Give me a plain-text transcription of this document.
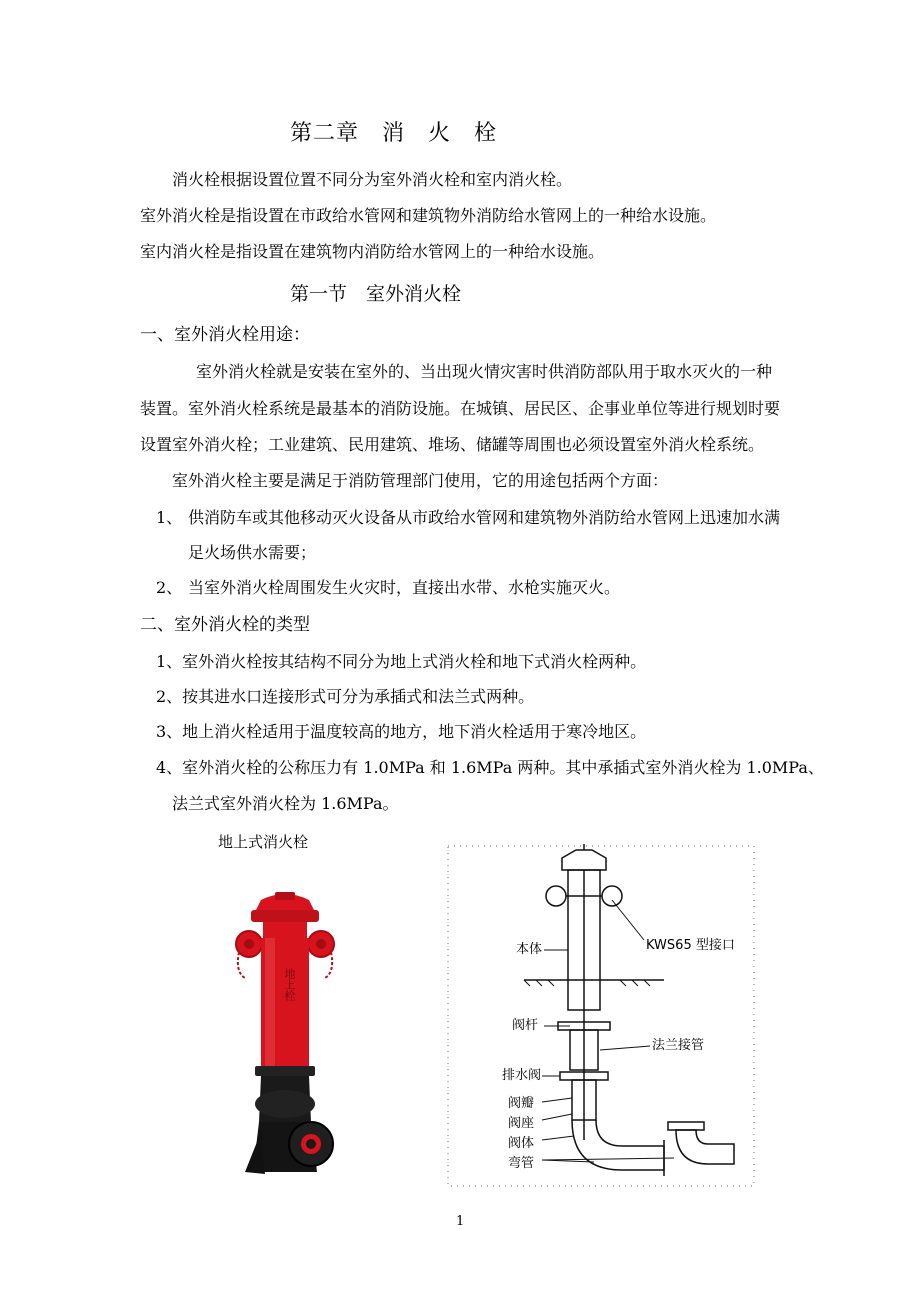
第二章　消　火　栓
消火栓根据设置位置不同分为室外消火栓和室内消火栓。
室外消火栓是指设置在市政给水管网和建筑物外消防给水管网上的一种给水设施。
室内消火栓是指设置在建筑物内消防给水管网上的一种给水设施。
第一节　室外消火栓
一、室外消火栓用途：
室外消火栓就是安装在室外的、当出现火情灾害时供消防部队用于取水灭火的一种
装置。室外消火栓系统是最基本的消防设施。在城镇、居民区、企事业单位等进行规划时要
设置室外消火栓；工业建筑、民用建筑、堆场、储罐等周围也必须设置室外消火栓系统。
室外消火栓主要是满足于消防管理部门使用，它的用途包括两个方面：
1、 供消防车或其他移动灭火设备从市政给水管网和建筑物外消防给水管网上迅速加水满
足火场供水需要；
2、 当室外消火栓周围发生火灾时，直接出水带、水枪实施灭火。
二、室外消火栓的类型
1、室外消火栓按其结构不同分为地上式消火栓和地下式消火栓两种。
2、按其进水口连接形式可分为承插式和法兰式两种。
3、地上消火栓适用于温度较高的地方，地下消火栓适用于寒冷地区。
4、室外消火栓的公称压力有 1.0MPa 和 1.6MPa 两种。其中承插式室外消火栓为 1.0MPa、
法兰式室外消火栓为 1.6MPa。
地上式消火栓
地上栓
KWS65 型接口
本体
阀杆
法兰接管
排水阀
阀瓣
阀座
阀体
弯管
1
